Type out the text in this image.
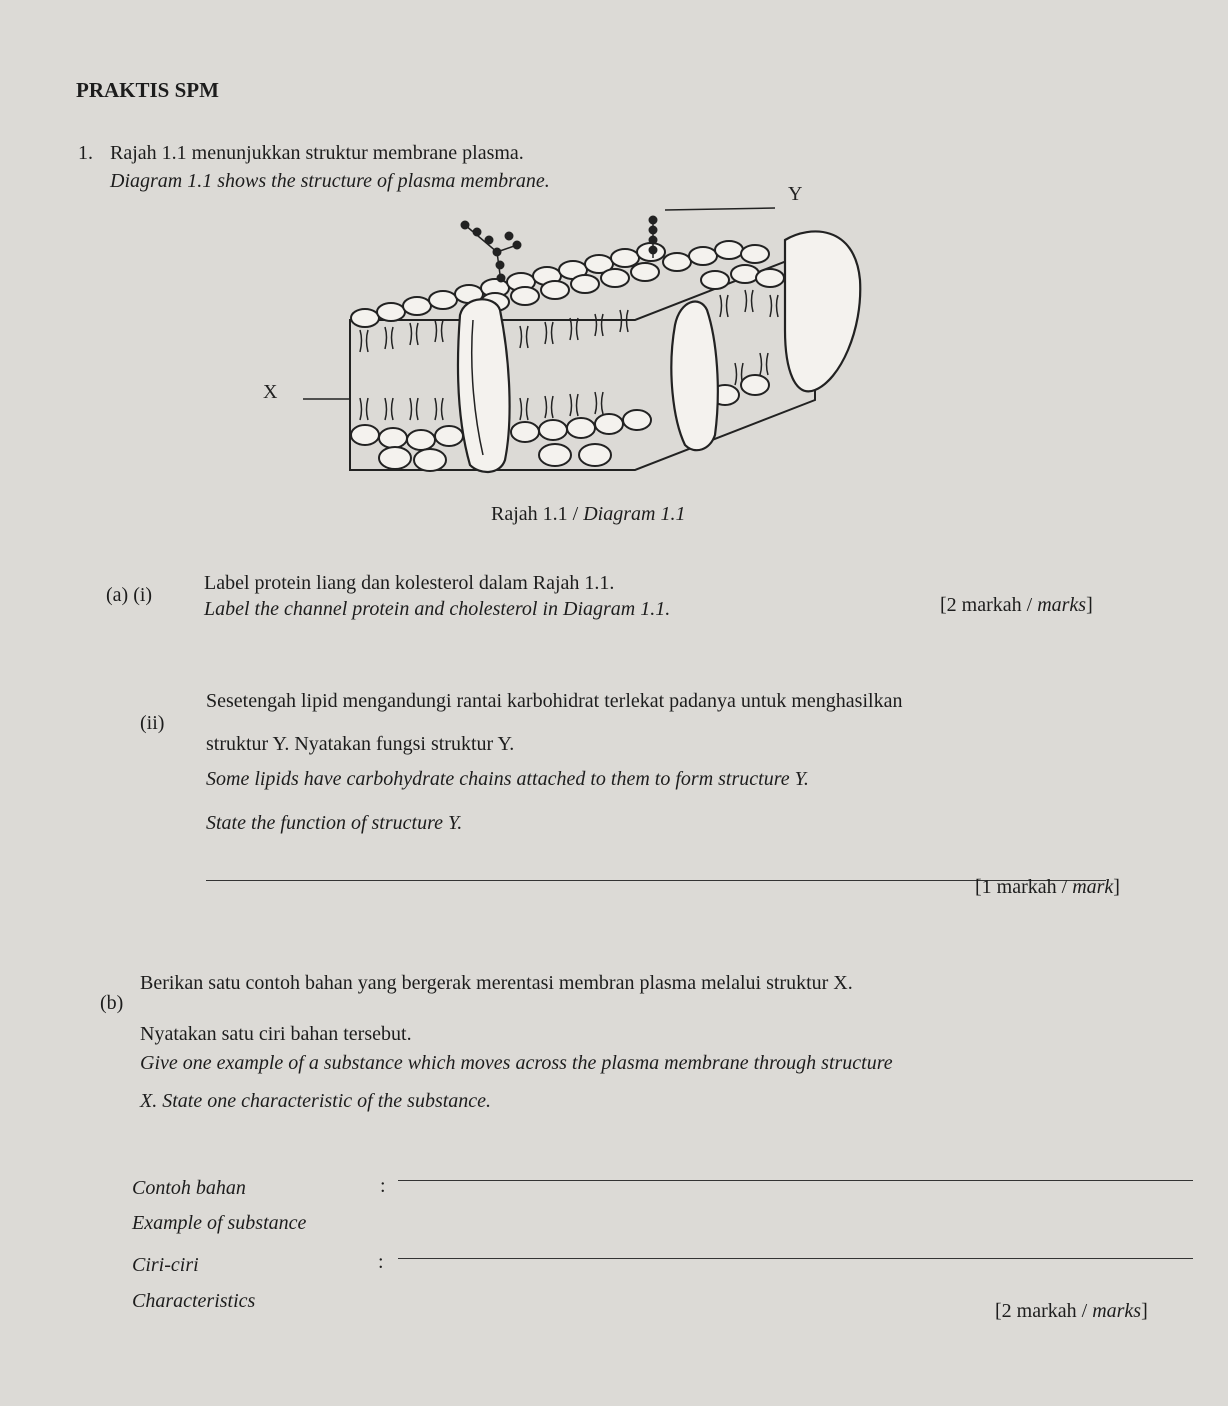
PRAKTIS SPM
1. Rajah 1.1 menunjukkan struktur membrane plasma.
Diagram 1.1 shows the structure of plasma membrane.
Y
X
Rajah 1.1 / Diagram 1.1
(a) (i)
Label protein liang dan kolesterol dalam Rajah 1.1.
Label the channel protein and cholesterol in Diagram 1.1.	[2 markah / marks]
(ii)
Sesetengah lipid mengandungi rantai karbohidrat terlekat padanya untuk menghasilkan
struktur Y. Nyatakan fungsi struktur Y.
Some lipids have carbohydrate chains attached to them to form structure Y.
State the function of structure Y.
[1 markah / mark]
(b)
Berikan satu contoh bahan yang bergerak merentasi membran plasma melalui struktur X.
Nyatakan satu ciri bahan tersebut.
Give one example of a substance which moves across the plasma membrane through structure
X. State one characteristic of the substance.
Contoh bahan	:
Example of substance
Ciri-ciri	:
Characteristics	[2 markah / marks]
